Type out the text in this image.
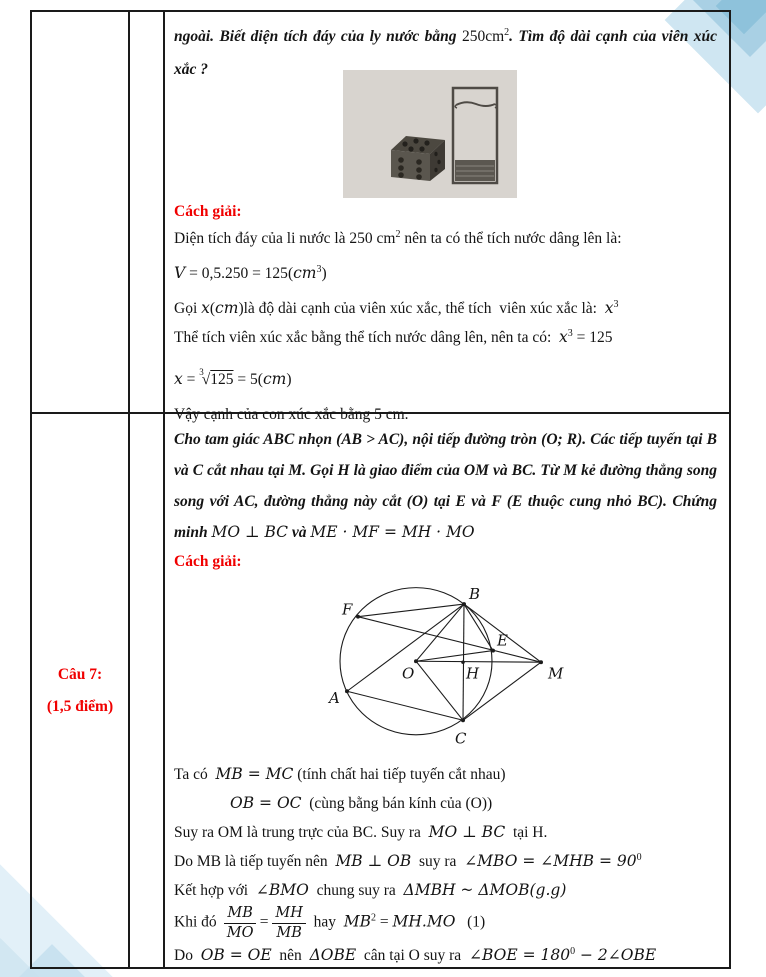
ngoài. Biết diện tích đáy của ly nước bằng $250cm^2$. Tìm độ dài cạnh của viên xúc xắc ?

Cách giải:

Diện tích đáy của li nước là 250 $cm^2$ nên ta có thể tích nước dâng lên là:

$V = 0,5.250 = 125(cm^3)$

Gọi x(cm)là độ dài cạnh của viên xúc xắc, thể tích  viên xúc xắc là:  $x^3$

Thể tích viên xúc xắc bằng thể tích nước dâng lên, nên ta có:  $x^3 = 125$

x = $^3$√125 = 5(cm)

Vậy cạnh của con xúc xắc bằng 5 cm.

Câu 7:

(1,5 điểm)

Cho tam giác ABC nhọn (AB > AC), nội tiếp đường tròn (O; R). Các tiếp tuyến tại B và C cắt nhau tại M. Gọi H là giao điểm của OM và BC. Từ M kẻ đường thẳng song song với AC, đường thẳng này cắt (O) tại E và F (E thuộc cung nhỏ BC). Chứng minh MO ⊥ BC và ME · MF = MH · MO

Cách giải:

B
F
E
O	H	M
A
C

Ta có  MB = MC (tính chất hai tiếp tuyến cắt nhau)

OB = OC  (cùng bằng bán kính của (O))

Suy ra OM là trung trực của BC. Suy ra  MO ⊥ BC  tại H.

Do MB là tiếp tuyến nên  MB ⊥ OB  suy ra  ∠MBO = ∠MHB = $90^0$

Kết hợp với  ∠BMO  chung suy ra  ΔMBH ~ ΔMOB(g.g)

Khi đó $\frac{MB}{MO} = \frac{MH}{MB}$ hay  $MB^2 = MH.MO$   (1)

Do  OB = OE  nên  ΔOBE  cân tại O suy ra  ∠BOE = $180^0$ − 2∠OBE
